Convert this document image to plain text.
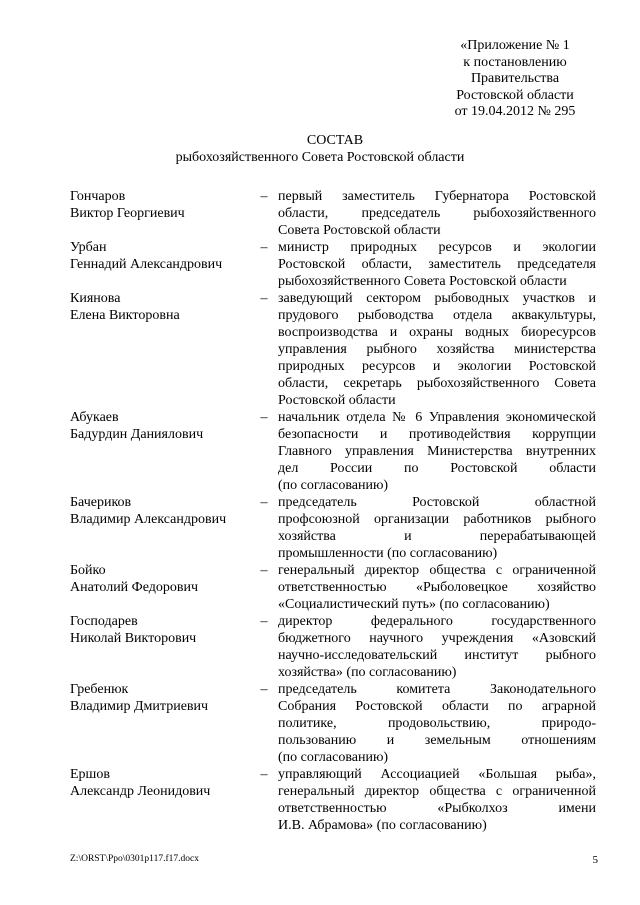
«Приложение № 1
к постановлению
Правительства
Ростовской области
от 19.04.2012 № 295
СОСТАВ
рыбохозяйственного Совета Ростовской области
Гончаров
Виктор Георгиевич
– первый заместитель Губернатора Ростовской
области, председатель рыбохозяйственного
Совета Ростовской области
Урбан
Геннадий Александрович
– министр природных ресурсов и экологии
Ростовской области, заместитель председателя
рыбохозяйственного Совета Ростовской области
Киянова
Елена Викторовна
– заведующий сектором рыбоводных участков и
прудового рыбоводства отдела аквакультуры,
воспроизводства и охраны водных биоресурсов
управления рыбного хозяйства министерства
природных ресурсов и экологии Ростовской
области, секретарь рыбохозяйственного Совета
Ростовской области
Абукаев
Бадурдин Даниялович
– начальник отдела № 6 Управления экономической
безопасности и противодействия коррупции
Главного управления Министерства внутренних
дел России по Ростовской области
(по согласованию)
Бачериков
Владимир Александрович
– председатель Ростовской областной
профсоюзной организации работников рыбного
хозяйства и перерабатывающей
промышленности (по согласованию)
Бойко
Анатолий Федорович
– генеральный директор общества с ограниченной
ответственностью «Рыболовецкое хозяйство
«Социалистический путь» (по согласованию)
Господарев
Николай Викторович
– директор федерального государственного
бюджетного научного учреждения «Азовский
научно-исследовательский институт рыбного
хозяйства» (по согласованию)
Гребенюк
Владимир Дмитриевич
– председатель комитета Законодательного
Собрания Ростовской области по аграрной
политике, продовольствию, природо-
пользованию и земельным отношениям
(по согласованию)
Ершов
Александр Леонидович
– управляющий Ассоциацией «Большая рыба»,
генеральный директор общества с ограниченной
ответственностью «Рыбколхоз имени
И.В. Абрамова» (по согласованию)
Z:\ORST\Ppo\0301p117.f17.docx	5
